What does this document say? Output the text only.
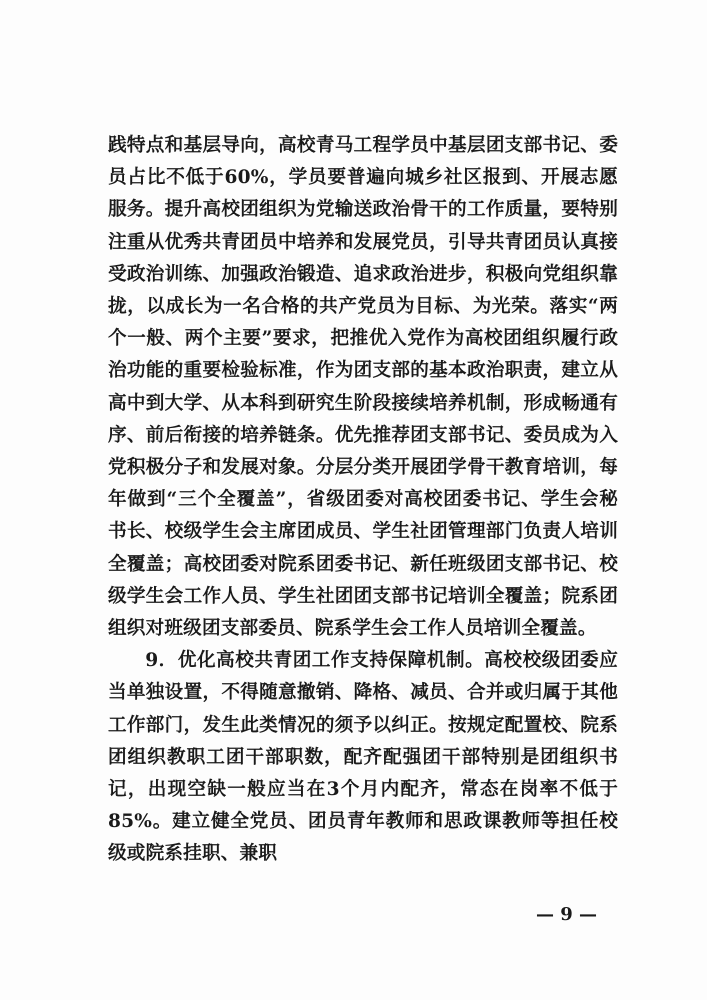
践特点和基层导向，高校青马工程学员中基层团支部书记、委员占比不低于60%，学员要普遍向城乡社区报到、开展志愿服务。提升高校团组织为党输送政治骨干的工作质量，要特别注重从优秀共青团员中培养和发展党员，引导共青团员认真接受政治训练、加强政治锻造、追求政治进步，积极向党组织靠拢，以成长为一名合格的共产党员为目标、为光荣。落实“两个一般、两个主要”要求，把推优入党作为高校团组织履行政治功能的重要检验标准，作为团支部的基本政治职责，建立从高中到大学、从本科到研究生阶段接续培养机制，形成畅通有序、前后衔接的培养链条。优先推荐团支部书记、委员成为入党积极分子和发展对象。分层分类开展团学骨干教育培训，每年做到“三个全覆盖”，省级团委对高校团委书记、学生会秘书长、校级学生会主席团成员、学生社团管理部门负责人培训全覆盖；高校团委对院系团委书记、新任班级团支部书记、校级学生会工作人员、学生社团团支部书记培训全覆盖；院系团组织对班级团支部委员、院系学生会工作人员培训全覆盖。

9．优化高校共青团工作支持保障机制。高校校级团委应当单独设置，不得随意撤销、降格、减员、合并或归属于其他工作部门，发生此类情况的须予以纠正。按规定配置校、院系团组织教职工团干部职数，配齐配强团干部特别是团组织书记，出现空缺一般应当在3个月内配齐，常态在岗率不低于85%。建立健全党员、团员青年教师和思政课教师等担任校级或院系挂职、兼职

— 9 —
